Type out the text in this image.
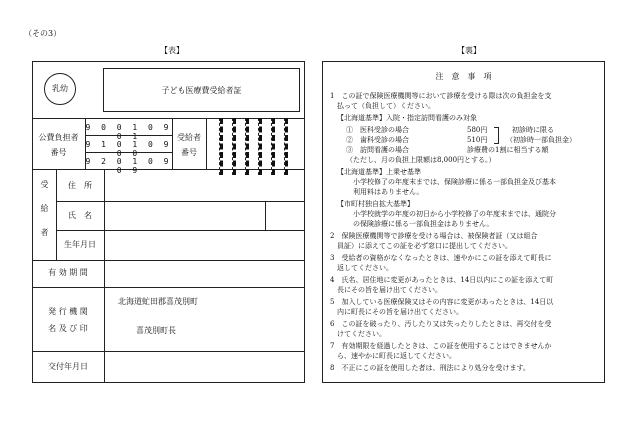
（その3）
【表】
乳幼	子ども医療費受給者証
公費負担者
番号
9 0 0 1 0 9 0 1
9 1 0 1 0 9 0 0
9 2 0 1 0 9 0 9
受給者
番号
受給者	住　所
氏　名
生年月日
有 効 期 間
発 行 機 関
名 及 び 印
北海道虻田郡喜茂別町
喜茂別町長
交付年月日
【裏】
注　意　事　項
1　この証で保険医療機関等において診療を受ける際は次の負担金を支
　払って（負担して）ください。
【北海道基準】入院・指定訪問看護のみ対象
①　医科受診の場合
②　歯科受診の場合
③　訪問看護の場合
（ただし、月の負担上限額は8,000円とする。）
【北海道基準】上乗せ基準
　小学校修了の年度末までは、保険診療に係る一部負担金及び基本
　利用料はありません。
【市町村独自拡大基準】
　小学校就学の年度の初日から小学校修了の年度末までは、通院分
　の保険診療に係る一部負担金はありません。
2　保険医療機関等で診療を受ける場合は、被保険者証（又は組合
　員証）に添えてこの証を必ず窓口に提出してください。
3　受給者の資格がなくなったときは、速やかにこの証を添えて町長に
　返してください。
4　氏名、居住地に変更があったときは、14日以内にこの証を添えて町
　長にその旨を届け出てください。
5　加入している医療保険又はその内容に変更があったときは、14日以
　内に町長にその旨を届け出てください。
6　この証を破ったり、汚したり又は失ったりしたときは、再交付を受
　けてください。
7　有効期限を経過したときは、この証を使用することはできませんか
　ら、速やかに町長に返してください。
8　不正にこの証を使用した者は、刑法により処分を受けます。
580円
510円
診療費の1割に相当する額
初診時に限る
（初診時一部負担金）
